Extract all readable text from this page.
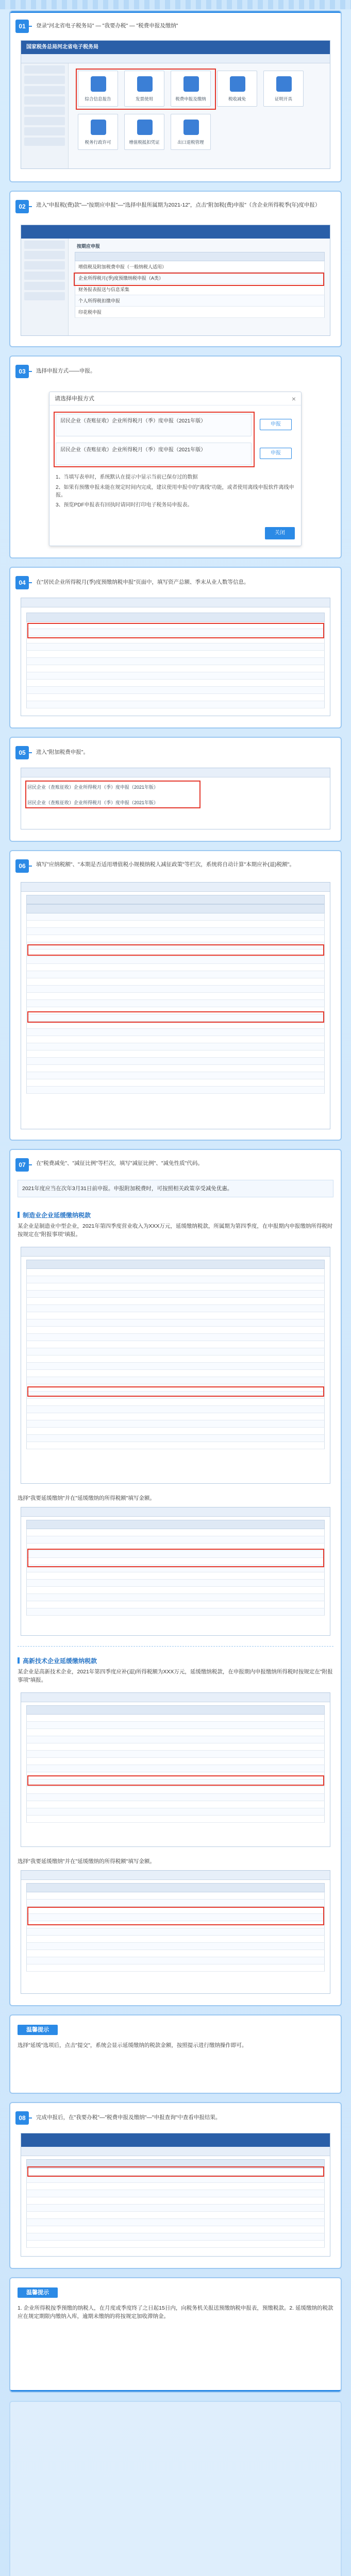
01	登录"河北省电子税务局" — "我要办税" — "税费申报及缴纳"
国家税务总局河北省电子税务局
综合信息报告	发票使用	税费申报及缴纳	税收减免	证明开具
税务行政许可	增值税抵扣凭证	出口退税管理
02	进入"申报税(费)款"—"按期应申报"—"选择申报所属期为2021-12"，点击"附加税(费)申报"（含企业所得税季(年)度申报）
按期应申报
增值税及附加税费申报（一般纳税人适用）
企业所得税月(季)度预缴纳税申报（A类）
财务报表报送与信息采集
个人所得税扣缴申报
印花税申报
03	选择申报方式——申报。
请选择申报方式	×
居民企业（查账征收）企业所得税月（季）度申报（2021年版）
申报
居民企业（查账征收）企业所得税月（季）度申报（2021年版）
申报
1、当填写表单时，系统默认在提示中显示当前已保存过的数据
2、如果有预缴申报未能在规定时间内完成，建议使用申报中的"离线"功能，或者使用离线申报软件离线申报。
3、预览PDF申报表有回执时请同时打印电子税务局申报表。
关闭
04	在"居民企业所得税月(季)度预缴纳税申报"页面中，填写资产总额、季末从业人数等信息。
05	进入"附加税费申报"。
居民企业（查账征收）企业所得税月（季）度申报（2021年版）
居民企业（查账征收）企业所得税月（季）度申报（2021年版）
06	填写"应纳税额"、"本期是否适用增值税小规模纳税人减征政策"等栏次，系统将自动计算"本期应补(退)税额"。
07	在"税费减免"、"减征比例"等栏次，填写"减征比例"、"减免性质"代码。
2021年度应当在次年3月31日前申报。申报附加税费时，可按照相关政策享受减免优惠。
制造业企业延缓缴纳税款
某企业是制造业中型企业，2021年第四季度营业收入为XXX万元，延缓缴纳税款，所属期为第四季度，在申报期内申报缴纳所得税时按规定在"附报事项"填报。
选择"我要延缓缴纳"并在"延缓缴纳的所得税额"填写金额。
高新技术企业延缓缴纳税款
某企业是高新技术企业，2021年第四季度应补(退)所得税额为XXX万元，延缓缴纳税款，在申报期内申报缴纳所得税时按规定在"附报事项"填报。
选择"我要延缓缴纳"并在"延缓缴纳的所得税额"填写金额。
温馨提示
选择"延缓"选项后，点击"提交"，系统会显示延缓缴纳的税款金额，按照提示进行缴纳操作即可。
08	完成申报后，在"我要办税"—"税费申报及缴纳"—"申报查询"中查看申报结果。
温馨提示
1. 企业所得税按季预缴的纳税人，在月度或季度终了之日起15日内，向税务机关报送预缴纳税申报表，预缴税款。2. 延缓缴纳的税款应在规定期限内缴纳入库，逾期未缴纳的将按规定加收滞纳金。
